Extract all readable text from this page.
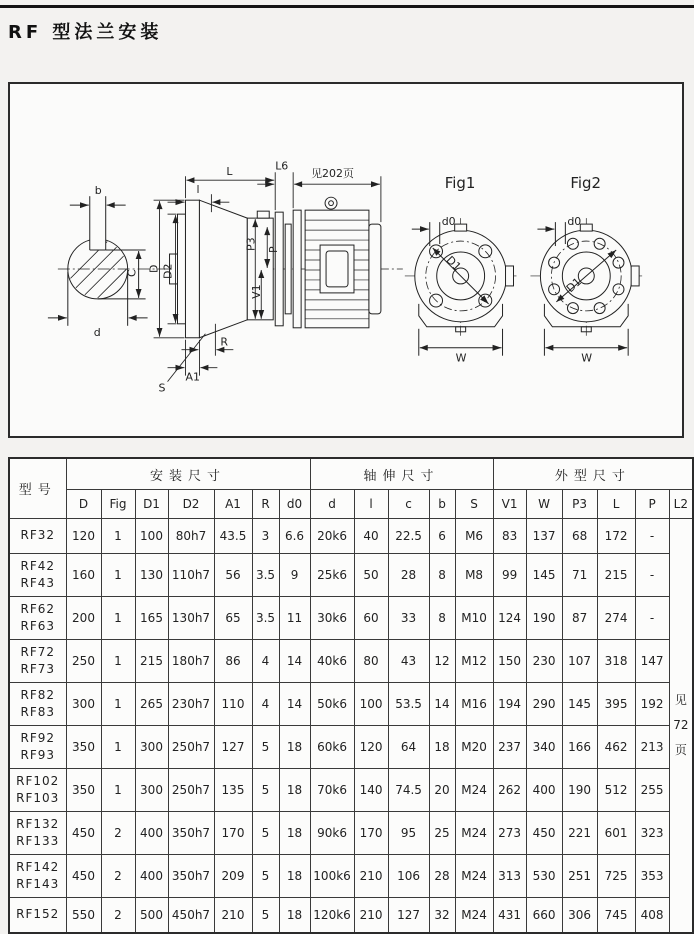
RF 型法兰安装
b
C
d
L
l
L6
见202页
D D2
P3 P
V1
R
A1
S
Fig1
d0
D1
W
Fig2
d0
D1
W
型号	安装尺寸							轴伸尺寸					外型尺寸					
	D	Fig	D1	D2	A1	R	d0	d	l	c	b	S	V1	W	P3	L	P	L2

RF32	120	1	100	80h7	43.5	3	6.6	20k6	40	22.5	6	M6	83	137	68	172	-	见
72
页

RF42
RF43	160	1	130	110h7	56	3.5	9	25k6	50	28	8	M8	99	145	71	215	-	

RF62
RF63	200	1	165	130h7	65	3.5	11	30k6	60	33	8	M10	124	190	87	274	-	

RF72
RF73	250	1	215	180h7	86	4	14	40k6	80	43	12	M12	150	230	107	318	147	

RF82
RF83	300	1	265	230h7	110	4	14	50k6	100	53.5	14	M16	194	290	145	395	192	

RF92
RF93	350	1	300	250h7	127	5	18	60k6	120	64	18	M20	237	340	166	462	213	

RF102
RF103	350	1	300	250h7	135	5	18	70k6	140	74.5	20	M24	262	400	190	512	255	

RF132
RF133	450	2	400	350h7	170	5	18	90k6	170	95	25	M24	273	450	221	601	323	

RF142
RF143	450	2	400	350h7	209	5	18	100k6	210	106	28	M24	313	530	251	725	353	

RF152	550	2	500	450h7	210	5	18	120k6	210	127	32	M24	431	660	306	745	408	
